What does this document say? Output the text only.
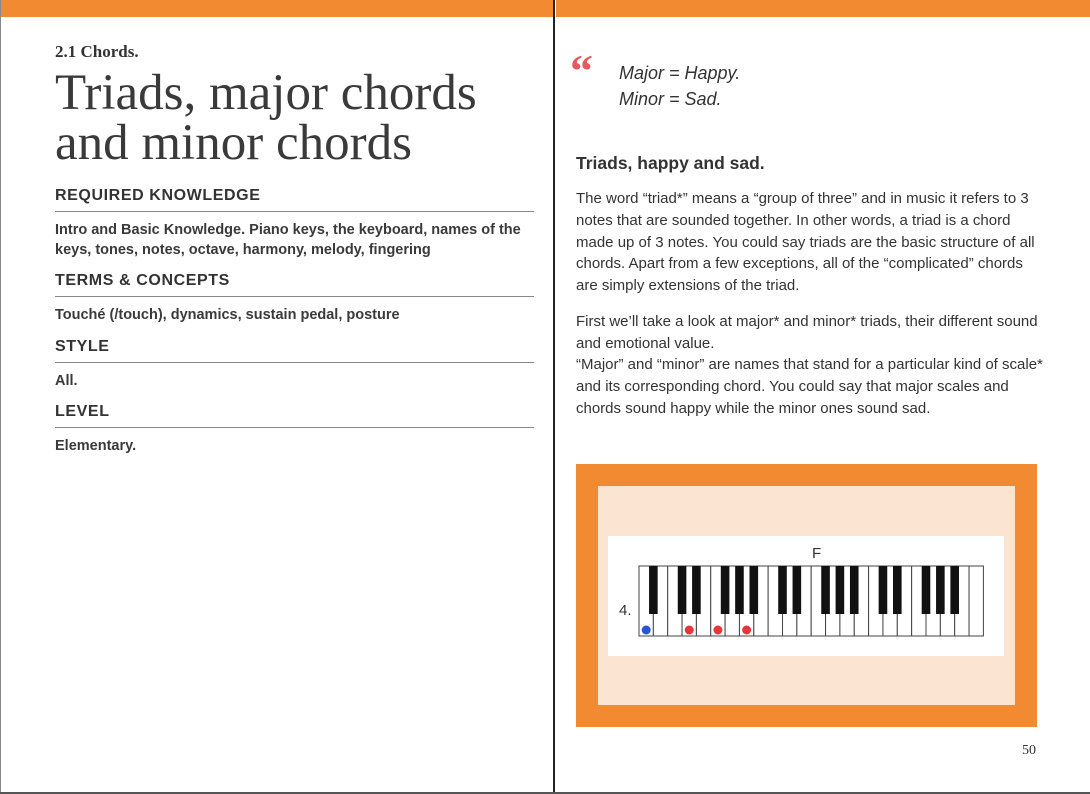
2.1 Chords.

Triads, major chords
and minor chords
REQUIRED KNOWLEDGE

Intro and Basic Knowledge. Piano keys, the keyboard, names of the keys, tones, notes, octave, harmony, melody, fingering

TERMS & CONCEPTS

Touché (/touch), dynamics, sustain pedal, posture

STYLE

All.

LEVEL

Elementary.

“ Major = Happy.

Minor = Sad.

Triads, happy and sad.

The word “triad*” means a “group of three” and in music it refers to 3 notes that are sounded together. In other words, a triad is a chord made up of 3 notes. You could say triads are the basic structure of all chords. Apart from a few exceptions, all of the “complicated” chords are simply extensions of the triad.

First we’ll take a look at major* and minor* triads, their different sound and emotional value.

“Major” and “minor” are names that stand for a particular kind of scale* and its corresponding chord. You could say that major scales and chords sound happy while the minor ones sound sad.

F
4.

50
